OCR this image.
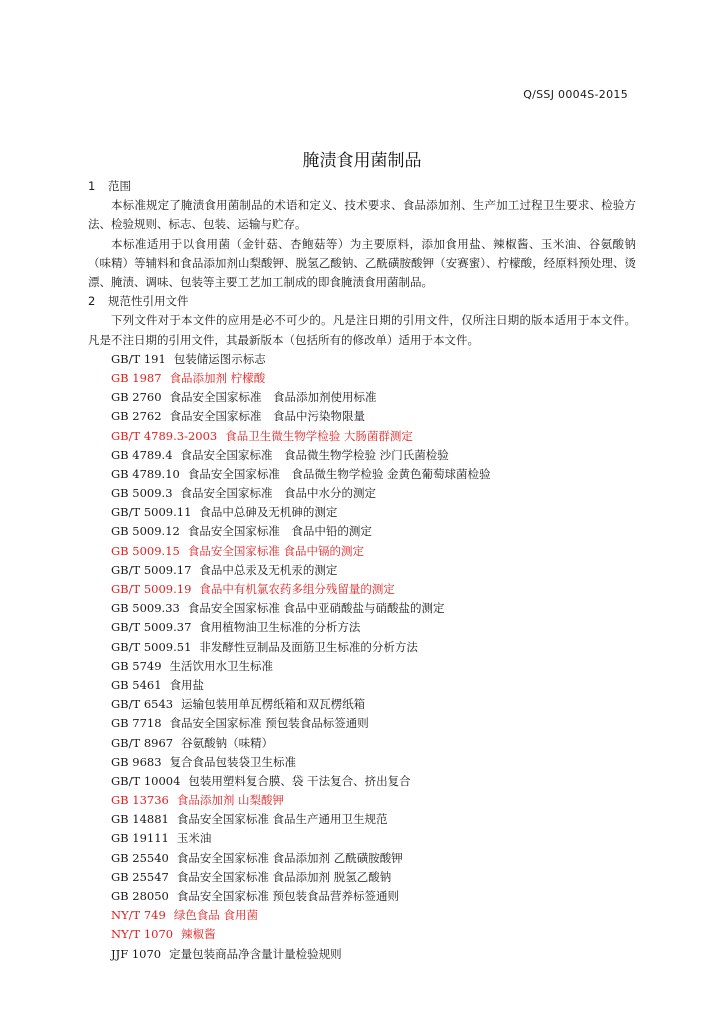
Q/SSJ 0004S-2015
腌渍食用菌制品
1 范围

本标准规定了腌渍食用菌制品的术语和定义、技术要求、食品添加剂、生产加工过程卫生要求、检验方法、检验规则、标志、包装、运输与贮存。

本标准适用于以食用菌（金针菇、杏鲍菇等）为主要原料，添加食用盐、辣椒酱、玉米油、谷氨酸钠（味精）等辅料和食品添加剂山梨酸钾、脱氢乙酸钠、乙酰磺胺酸钾（安赛蜜）、柠檬酸，经原料预处理、烫漂、腌渍、调味、包装等主要工艺加工制成的即食腌渍食用菌制品。

2 规范性引用文件

下列文件对于本文件的应用是必不可少的。凡是注日期的引用文件，仅所注日期的版本适用于本文件。凡是不注日期的引用文件，其最新版本（包括所有的修改单）适用于本文件。

GB/T 191 包装储运图示标志
GB 1987 食品添加剂 柠檬酸
GB 2760 食品安全国家标准　食品添加剂使用标准
GB 2762 食品安全国家标准　食品中污染物限量
GB/T 4789.3-2003 食品卫生微生物学检验 大肠菌群测定
GB 4789.4 食品安全国家标准　食品微生物学检验 沙门氏菌检验
GB 4789.10 食品安全国家标准　食品微生物学检验 金黄色葡萄球菌检验
GB 5009.3 食品安全国家标准　食品中水分的测定
GB/T 5009.11 食品中总砷及无机砷的测定
GB 5009.12 食品安全国家标准　食品中铅的测定
GB 5009.15 食品安全国家标准 食品中镉的测定
GB/T 5009.17 食品中总汞及无机汞的测定
GB/T 5009.19 食品中有机氯农药多组分残留量的测定
GB 5009.33 食品安全国家标准 食品中亚硝酸盐与硝酸盐的测定
GB/T 5009.37 食用植物油卫生标准的分析方法
GB/T 5009.51 非发酵性豆制品及面筋卫生标准的分析方法
GB 5749 生活饮用水卫生标准
GB 5461 食用盐
GB/T 6543 运输包装用单瓦楞纸箱和双瓦楞纸箱
GB 7718 食品安全国家标准 预包装食品标签通则
GB/T 8967 谷氨酸钠（味精）
GB 9683 复合食品包装袋卫生标准
GB/T 10004 包装用塑料复合膜、袋 干法复合、挤出复合
GB 13736 食品添加剂 山梨酸钾
GB 14881 食品安全国家标准 食品生产通用卫生规范
GB 19111 玉米油
GB 25540 食品安全国家标准 食品添加剂 乙酰磺胺酸钾
GB 25547 食品安全国家标准 食品添加剂 脱氢乙酸钠
GB 28050 食品安全国家标准 预包装食品营养标签通则
NY/T 749 绿色食品 食用菌
NY/T 1070 辣椒酱
JJF 1070 定量包装商品净含量计量检验规则
